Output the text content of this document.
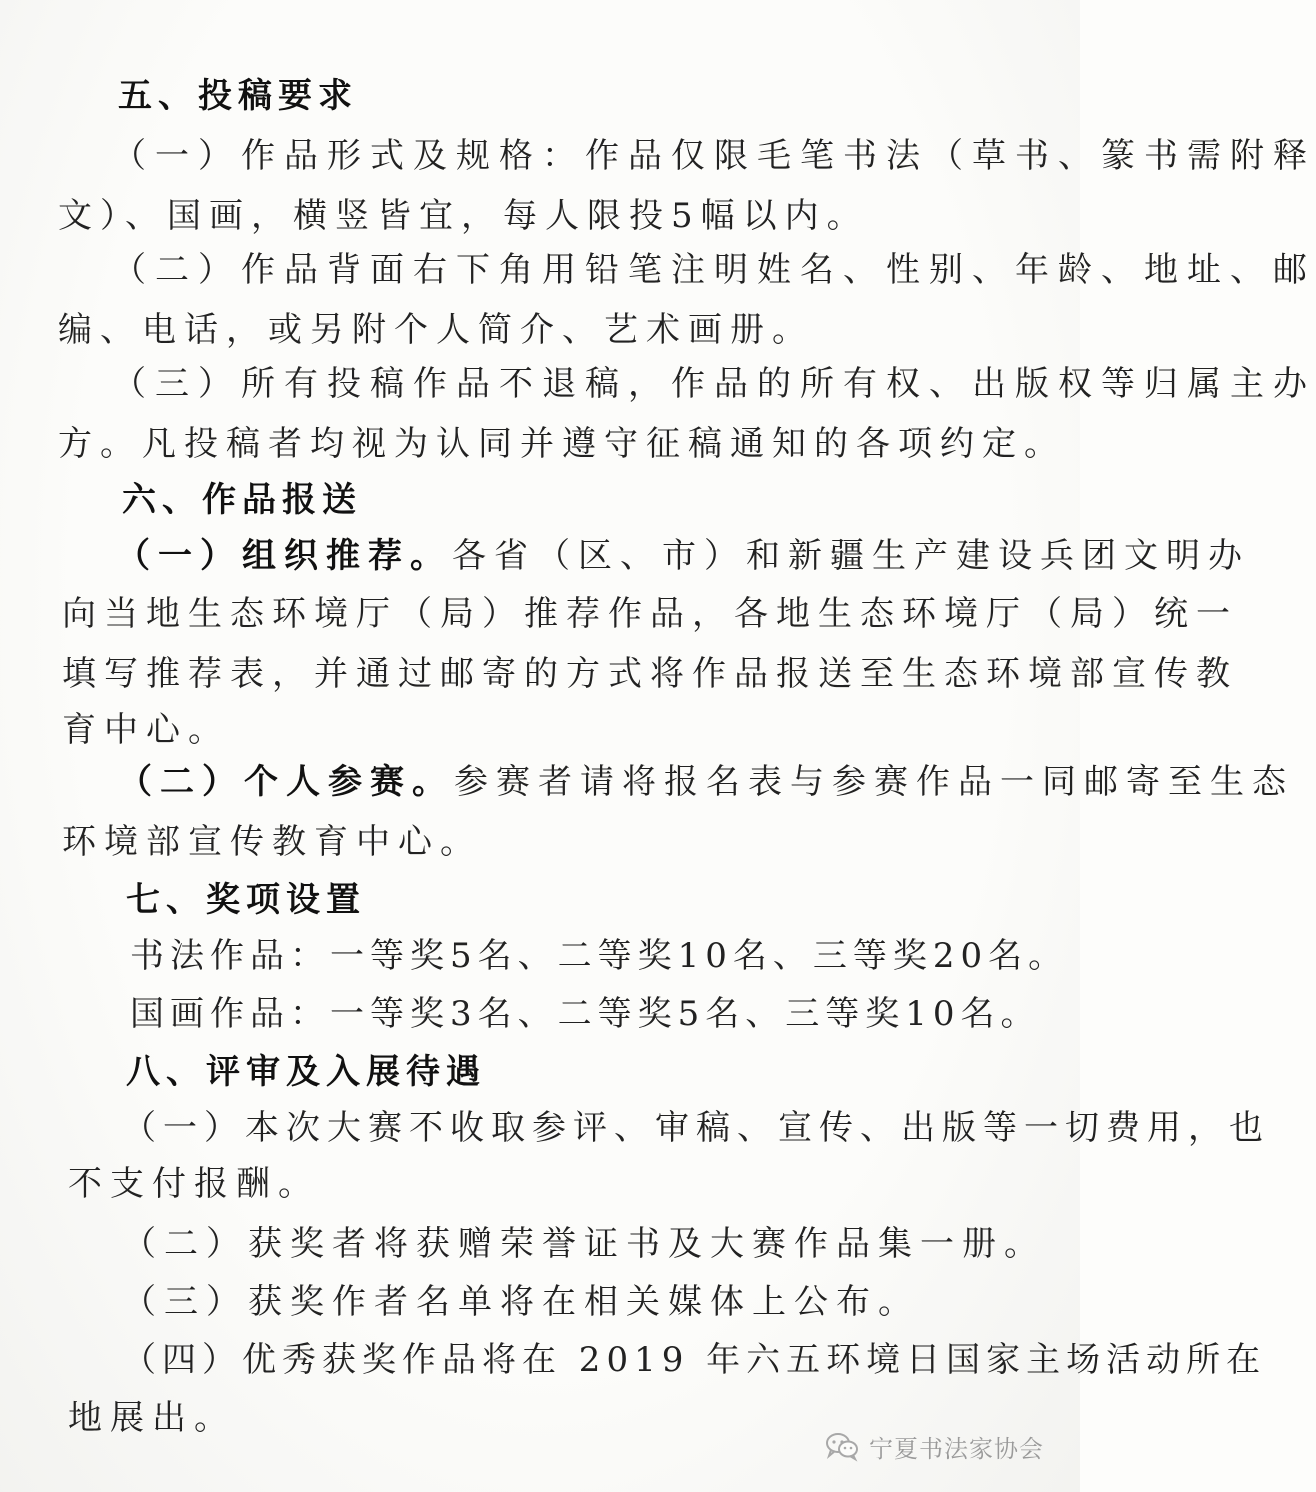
五、投稿要求
（一）作品形式及规格：作品仅限毛笔书法（草书、篆书需附释
文）、国画，横竖皆宜，每人限投5幅以内。
（二）作品背面右下角用铅笔注明姓名、性别、年龄、地址、邮
编、电话，或另附个人简介、艺术画册。
（三）所有投稿作品不退稿，作品的所有权、出版权等归属主办
方。凡投稿者均视为认同并遵守征稿通知的各项约定。
六、作品报送
（一）组织推荐。各省（区、市）和新疆生产建设兵团文明办
向当地生态环境厅（局）推荐作品，各地生态环境厅（局）统一
填写推荐表，并通过邮寄的方式将作品报送至生态环境部宣传教
育中心。
（二）个人参赛。参赛者请将报名表与参赛作品一同邮寄至生态
环境部宣传教育中心。
七、奖项设置
书法作品：一等奖5名、二等奖10名、三等奖20名。
国画作品：一等奖3名、二等奖5名、三等奖10名。
八、评审及入展待遇
（一）本次大赛不收取参评、审稿、宣传、出版等一切费用，也
不支付报酬。
（二）获奖者将获赠荣誉证书及大赛作品集一册。
（三）获奖作者名单将在相关媒体上公布。
（四）优秀获奖作品将在 2019 年六五环境日国家主场活动所在
地展出。
宁夏书法家协会
